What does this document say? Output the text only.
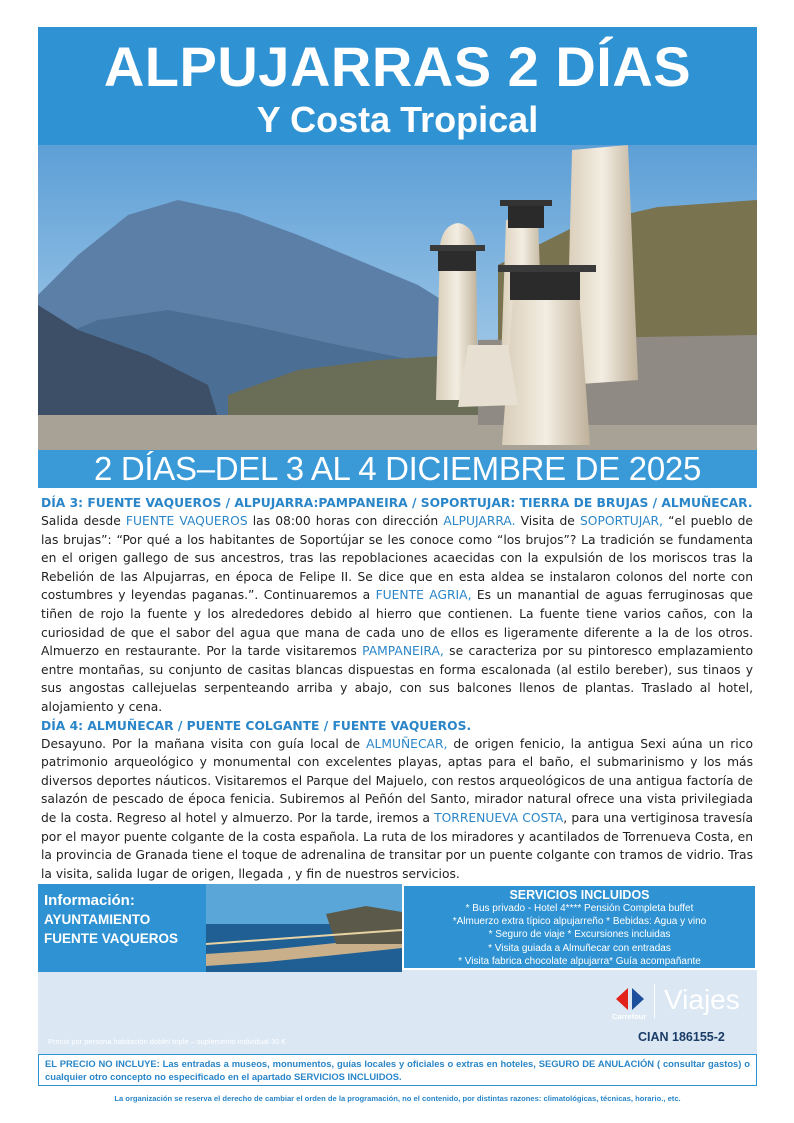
ALPUJARRAS 2 DÍAS
Y Costa Tropical
2 DÍAS–DEL 3 AL 4 DICIEMBRE DE 2025
DÍA 3: FUENTE VAQUEROS / ALPUJARRA:PAMPANEIRA / SOPORTUJAR: TIERRA DE BRUJAS / ALMUÑECAR.
Salida desde FUENTE VAQUEROS las 08:00 horas con dirección ALPUJARRA. Visita de SOPORTUJAR, “el pueblo de las brujas”: “Por qué a los habitantes de Soportújar se les conoce como “los brujos”? La tradición se fundamenta en el origen gallego de sus ancestros, tras las repoblaciones acaecidas con la expulsión de los moriscos tras la Rebelión de las Alpujarras, en época de Felipe II. Se dice que en esta aldea se instalaron colonos del norte con costumbres y leyendas paganas.”. Continuaremos a FUENTE AGRIA, Es un manantial de aguas ferruginosas que tiñen de rojo la fuente y los alrededores debido al hierro que contienen. La fuente tiene varios caños, con la curiosidad de que el sabor del agua que mana de cada uno de ellos es ligeramente diferente a la de los otros. Almuerzo en restaurante. Por la tarde visitaremos PAMPANEIRA, se caracteriza por su pintoresco emplazamiento entre montañas, su conjunto de casitas blancas dispuestas en forma escalonada (al estilo bereber), sus tinaos y sus angostas callejuelas serpenteando arriba y abajo, con sus balcones llenos de plantas. Traslado al hotel, alojamiento y cena.
DÍA 4: ALMUÑECAR / PUENTE COLGANTE / FUENTE VAQUEROS.
Desayuno. Por la mañana visita con guía local de ALMUÑECAR, de origen fenicio, la antigua Sexi aúna un rico patrimonio arqueológico y monumental con excelentes playas, aptas para el baño, el submarinismo y los más diversos deportes náuticos. Visitaremos el Parque del Majuelo, con restos arqueológicos de una antigua factoría de salazón de pescado de época fenicia. Subiremos al Peñón del Santo, mirador natural ofrece una vista privilegiada de la costa. Regreso al hotel y almuerzo. Por la tarde, iremos a TORRENUEVA COSTA, para una vertiginosa travesía por el mayor puente colgante de la costa española. La ruta de los miradores y acantilados de Torrenueva Costa, en la provincia de Granada tiene el toque de adrenalina de transitar por un puente colgante con tramos de vidrio. Tras la visita, salida lugar de origen, llegada , y fin de nuestros servicios.
Información:
AYUNTAMIENTO
FUENTE VAQUEROS
SERVICIOS INCLUIDOS
* Bus privado - Hotel 4**** Pensión Completa buffet
*Almuerzo extra típico alpujarreño * Bebidas: Agua y vino
* Seguro de viaje * Excursiones incluidas
* Visita guiada a Almuñecar con entradas
* Visita fabrica chocolate alpujarra* Guía acompañante
Carrefour
Viajes
Precio por persona habitación doble/ triple – suplemento individual 30 €	CIAN 186155-2
EL PRECIO NO INCLUYE: Las entradas a museos, monumentos, guías locales y oficiales o extras en hoteles, SEGURO DE ANULACIÓN ( consultar gastos) o cualquier otro concepto no especificado en el apartado SERVICIOS INCLUIDOS.
La organización se reserva el derecho de cambiar el orden de la programación, no el contenido, por distintas razones: climatológicas, técnicas, horario., etc.
